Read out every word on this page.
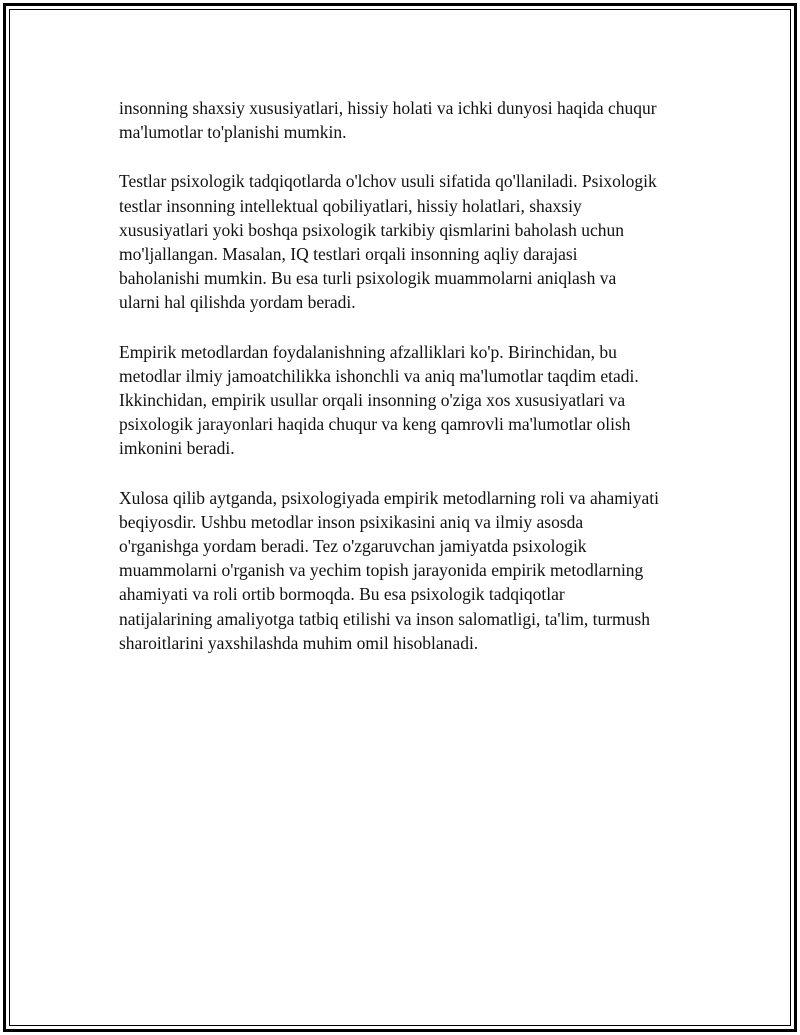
insonning shaxsiy xususiyatlari, hissiy holati va ichki dunyosi haqida chuqur
ma'lumotlar to'planishi mumkin.

Testlar psixologik tadqiqotlarda o'lchov usuli sifatida qo'llaniladi. Psixologik
testlar insonning intellektual qobiliyatlari, hissiy holatlari, shaxsiy
xususiyatlari yoki boshqa psixologik tarkibiy qismlarini baholash uchun
mo'ljallangan. Masalan, IQ testlari orqali insonning aqliy darajasi
baholanishi mumkin. Bu esa turli psixologik muammolarni aniqlash va
ularni hal qilishda yordam beradi.

Empirik metodlardan foydalanishning afzalliklari ko'p. Birinchidan, bu
metodlar ilmiy jamoatchilikka ishonchli va aniq ma'lumotlar taqdim etadi.
Ikkinchidan, empirik usullar orqali insonning o'ziga xos xususiyatlari va
psixologik jarayonlari haqida chuqur va keng qamrovli ma'lumotlar olish
imkonini beradi.

Xulosa qilib aytganda, psixologiyada empirik metodlarning roli va ahamiyati
beqiyosdir. Ushbu metodlar inson psixikasini aniq va ilmiy asosda
o'rganishga yordam beradi. Tez o'zgaruvchan jamiyatda psixologik
muammolarni o'rganish va yechim topish jarayonida empirik metodlarning
ahamiyati va roli ortib bormoqda. Bu esa psixologik tadqiqotlar
natijalarining amaliyotga tatbiq etilishi va inson salomatligi, ta'lim, turmush
sharoitlarini yaxshilashda muhim omil hisoblanadi.
